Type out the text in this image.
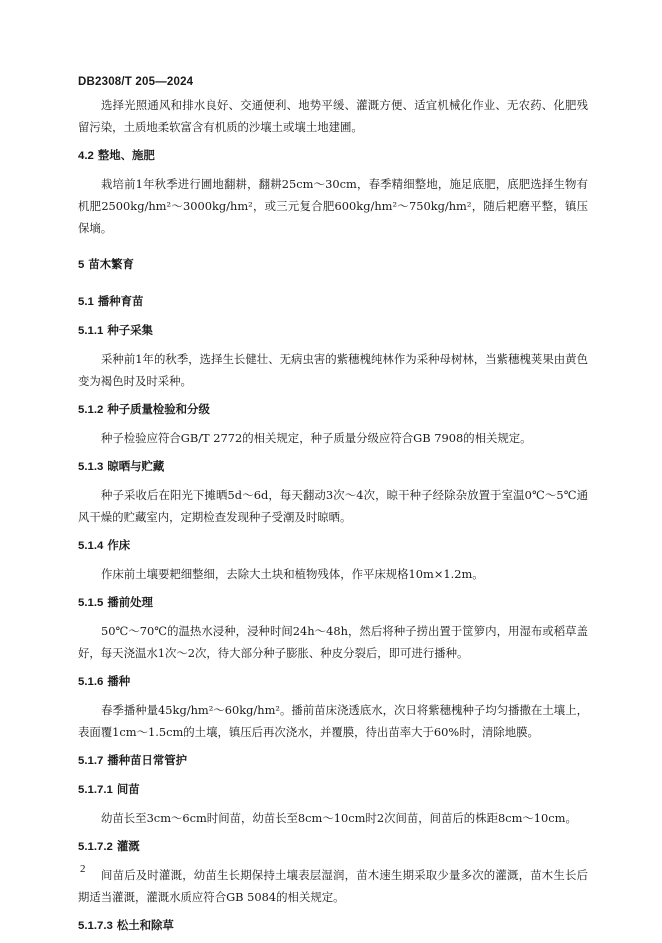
DB2308/T 205—2024

选择光照通风和排水良好、交通便利、地势平缓、灌溉方便、适宜机械化作业、无农药、化肥残留污染，土质地柔软富含有机质的沙壤土或壤土地建圃。

4.2 整地、施肥

栽培前1年秋季进行圃地翻耕，翻耕25cm～30cm，春季精细整地，施足底肥，底肥选择生物有机肥2500kg/hm²～3000kg/hm²，或三元复合肥600kg/hm²～750kg/hm²，随后耙磨平整，镇压保墒。

5 苗木繁育
5.1 播种育苗
5.1.1 种子采集

采种前1年的秋季，选择生长健壮、无病虫害的紫穗槐纯林作为采种母树林，当紫穗槐荚果由黄色变为褐色时及时采种。

5.1.2 种子质量检验和分级

种子检验应符合GB/T 2772的相关规定，种子质量分级应符合GB 7908的相关规定。

5.1.3 晾晒与贮藏

种子采收后在阳光下摊晒5d～6d，每天翻动3次～4次，晾干种子经除杂放置于室温0℃～5℃通风干燥的贮藏室内，定期检查发现种子受潮及时晾晒。

5.1.4 作床

作床前土壤要耙细整细，去除大土块和植物残体，作平床规格10m×1.2m。

5.1.5 播前处理

50℃～70℃的温热水浸种，浸种时间24h～48h，然后将种子捞出置于筐箩内，用湿布或稻草盖好，每天浇温水1次～2次，待大部分种子膨胀、种皮分裂后，即可进行播种。

5.1.6 播种

春季播种量45kg/hm²～60kg/hm²。播前苗床浇透底水，次日将紫穗槐种子均匀播撒在土壤上，表面覆1cm～1.5cm的土壤，镇压后再次浇水，并覆膜，待出苗率大于60%时，清除地膜。

5.1.7 播种苗日常管护
5.1.7.1 间苗

幼苗长至3cm～6cm时间苗，幼苗长至8cm～10cm时2次间苗，间苗后的株距8cm～10cm。

5.1.7.2 灌溉

间苗后及时灌溉，幼苗生长期保持土壤表层湿润，苗木速生期采取少量多次的灌溉，苗木生长后期适当灌溉，灌溉水质应符合GB 5084的相关规定。

5.1.7.3 松土和除草
2
